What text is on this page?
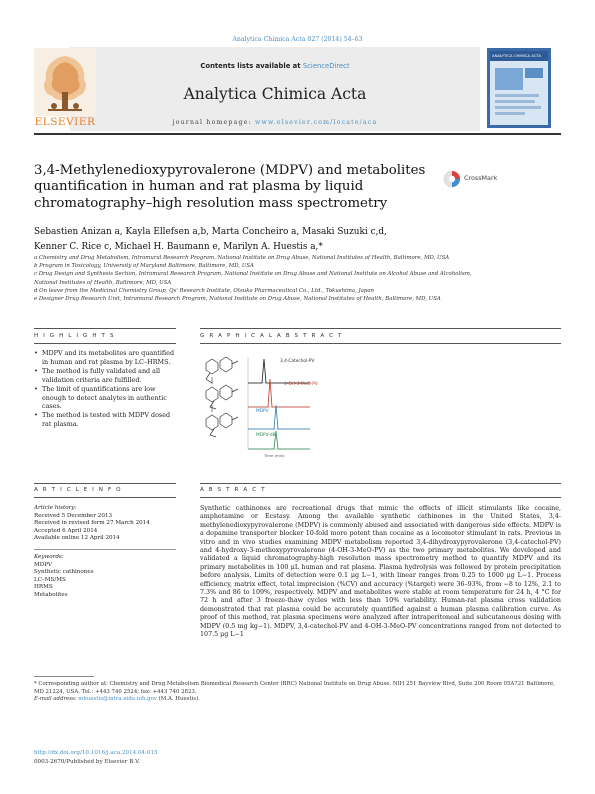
Analytica Chimica Acta 827 (2014) 54–63
Contents lists available at ScienceDirect
Analytica Chimica Acta
journal homepage: www.elsevier.com/locate/aca
ELSEVIER
ANALYTICA CHIMICA ACTA
3,4-Methylenedioxypyrovalerone (MDPV) and metabolites quantification in human and rat plasma by liquid chromatography–high resolution mass spectrometry
CrossMark
Sebastien Anizan a, Kayla Ellefsen a,b, Marta Concheiro a, Masaki Suzuki c,d,
Kenner C. Rice c, Michael H. Baumann e, Marilyn A. Huestis a,*
a Chemistry and Drug Metabolism, Intramural Research Program, National Institute on Drug Abuse, National Institutes of Health, Baltimore, MD, USA
b Program in Toxicology, University of Maryland Baltimore, Baltimore, MD, USA
c Drug Design and Synthesis Section, Intramural Research Program, National Institute on Drug Abuse and National Institute on Alcohol Abuse and Alcoholism,
National Institutes of Health, Baltimore, MD, USA
d On leave from the Medicinal Chemistry Group, Qs' Research Institute, Otsuka Pharmaceutical Co., Ltd., Tokushima, Japan
e Designer Drug Research Unit, Intramural Research Program, National Institute on Drug Abuse, National Institutes of Health, Baltimore, MD, USA
H I G H L I G H T S
• MDPV and its metabolites are quantified in human and rat plasma by LC–HRMS.
• The method is fully validated and all validation criteria are fulfilled.
• The limit of quantifications are low enough to detect analytes in authentic cases.
• The method is tested with MDPV dosed rat plasma.
G R A P H I C A L A B S T R A C T
3,4-Catechol-PV
4-OH-3-MeO-PV
MDPV
MDPV-d8
Time (min)
A R T I C L E I N F O
Article history:
Received 5 December 2013
Received in revised form 27 March 2014
Accepted 6 April 2014
Available online 12 April 2014
Keywords:
MDPV
Synthetic cathinones
LC–MS/MS
HRMS
Metabolites
A B S T R A C T
Synthetic cathinones are recreational drugs that mimic the effects of illicit stimulants like cocaine, amphetamine or Ecstasy. Among the available synthetic cathinones in the United States, 3,4-methylenedioxypyrovalerone (MDPV) is commonly abused and associated with dangerous side effects. MDPV is a dopamine transporter blocker 10-fold more potent than cocaine as a locomotor stimulant in rats. Previous in vitro and in vivo studies examining MDPV metabolism reported 3,4-dihydroxypyrovalerone (3,4-catechol-PV) and 4-hydroxy-3-methoxypyrovalerone (4-OH-3-MeO-PV) as the two primary metabolites. We developed and validated a liquid chromatography-high resolution mass spectrometry method to quantify MDPV and its primary metabolites in 100 μL human and rat plasma. Plasma hydrolysis was followed by protein precipitation before analysis. Limits of detection were 0.1 μg L−1, with linear ranges from 0.25 to 1000 μg L−1. Process efficiency, matrix effect, total imprecision (%CV) and accuracy (%target) were 36–93%, from −8 to 12%, 2.1 to 7.3% and 86 to 109%, respectively. MDPV and metabolites were stable at room temperature for 24 h, 4 °C for 72 h and after 3 freeze-thaw cycles with less than 10% variability. Human-rat plasma cross validation demonstrated that rat plasma could be accurately quantified against a human plasma calibration curve. As proof of this method, rat plasma specimens were analyzed after intraperitoneal and subcutaneous dosing with MDPV (0.5 mg kg−1). MDPV, 3,4-catechol-PV and 4-OH-3-MeO-PV concentrations ranged from not detected to 107.5 μg L−1
* Corresponding author at: Chemistry and Drug Metabolism Biomedical Research Center (BRC) National Institute on Drug Abuse, NIH 251 Bayview Blvd, Suite 200 Room 05A721 Baltimore, MD 21224, USA. Tel.: +443 740 2524; fax: +443 740 2823.
E-mail address: mhuestis@intra.nida.nih.gov (M.A. Huestis).
http://dx.doi.org/10.1016/j.aca.2014.04.015
0003-2670/Published by Elsevier B.V.
